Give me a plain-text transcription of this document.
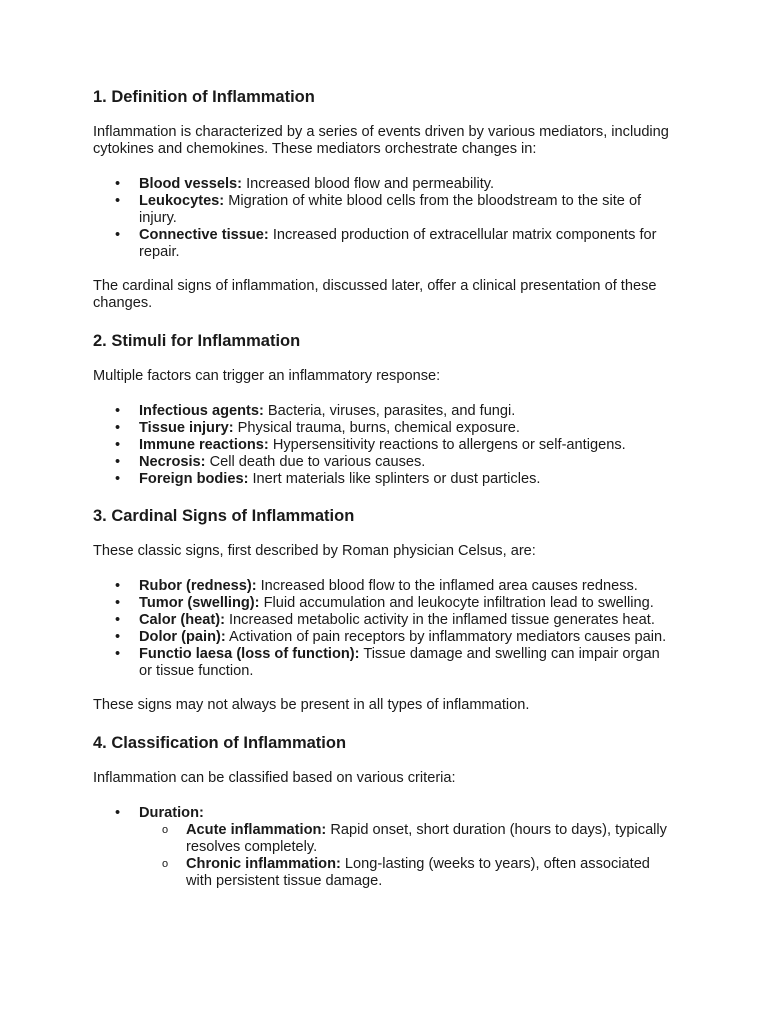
1. Definition of Inflammation

Inflammation is characterized by a series of events driven by various mediators, including cytokines and chemokines. These mediators orchestrate changes in:

• Blood vessels: Increased blood flow and permeability.
• Leukocytes: Migration of white blood cells from the bloodstream to the site of injury.
• Connective tissue: Increased production of extracellular matrix components for repair.

The cardinal signs of inflammation, discussed later, offer a clinical presentation of these changes.

2. Stimuli for Inflammation

Multiple factors can trigger an inflammatory response:

• Infectious agents: Bacteria, viruses, parasites, and fungi.
• Tissue injury: Physical trauma, burns, chemical exposure.
• Immune reactions: Hypersensitivity reactions to allergens or self-antigens.
• Necrosis: Cell death due to various causes.
• Foreign bodies: Inert materials like splinters or dust particles.
3. Cardinal Signs of Inflammation

These classic signs, first described by Roman physician Celsus, are:

• Rubor (redness): Increased blood flow to the inflamed area causes redness.
• Tumor (swelling): Fluid accumulation and leukocyte infiltration lead to swelling.
• Calor (heat): Increased metabolic activity in the inflamed tissue generates heat.
• Dolor (pain): Activation of pain receptors by inflammatory mediators causes pain.
• Functio laesa (loss of function): Tissue damage and swelling can impair organ or tissue function.

These signs may not always be present in all types of inflammation.

4. Classification of Inflammation

Inflammation can be classified based on various criteria:

• Duration:
o Acute inflammation: Rapid onset, short duration (hours to days), typically resolves completely.
o Chronic inflammation: Long-lasting (weeks to years), often associated with persistent tissue damage.
